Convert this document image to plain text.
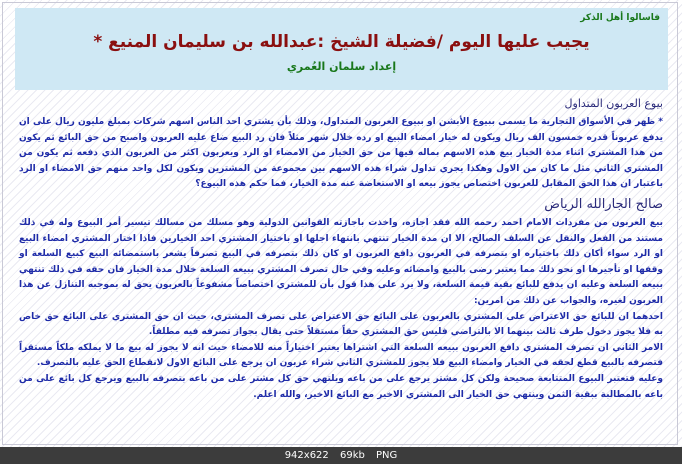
فاسالوا أهل الذكر
يجيب عليها اليوم /فضيلة الشيخ :عبدالله بن سليمان المنيع *
إعداد سلمان العُمري
بيوع العربون المتداول
* ظهر في الأسواق التجارية ما يسمى ببيوع الأبشن او ببيوع العربون المتداول، وذلك بأن يشتري احد الناس اسهم شركات بمبلغ مليون ريال على ان يدفع عربوناً قدره خمسون الف ريال ويكون له خيار امضاء البيع او رده خلال شهر مثلاً فان رد البيع ضاع عليه العربون واصبح من حق البائع ثم يكون من هذا المشتري اثناء مدة الخيار بيع هذه الاسهم بماله فيها من حق الخيار من الامضاء او الرد ويعربون اكثر من العربون الذي دفعه ثم يكون من المشتري الثاني مثل ما كان من الاول وهكذا يجري تداول شراء هذه الاسهم بين مجموعة من المشترين ويكون لكل واحد منهم حق الامضاء او الرد باعتبار ان هذا الحق المقابل للعربون اختصاص يجوز بيعه او الاستعاضة عنه مدة الخيار، فما حكم هذه البيوع؟
صالح الجارالله الرياض
بيع العربون من مفردات الامام احمد رحمه الله فقد اجازه، واخذت باجازته القوانين الدولية وهو مسلك من مسالك تيسير أمر البيوع وله في ذلك مستند من الفعل والنقل عن السلف الصالح، الا ان مدة الخيار تنتهي بانتهاء اجلها او باختيار المشتري احد الخيارين فاذا اختار المشتري امضاء البيع او الرد سواء أكان ذلك باختياره او بتصرفه في العربون دافع العربون او كان ذلك بتصرفه في البيع تصرفاً يشعر باستمضائه البيع كبيع السلعة او وقفها او تأجيرها او نحو ذلك مما يعتبر رضى بالبيع وامضائه وعليه وفي حال تصرف المشتري ببيعه السلعة خلال مدة الخيار فان حقه في ذلك تنتهي ببيعه السلعة وعليه ان يدفع للبائع بقية قيمة السلعة، ولا يرد على هذا قول بأن للمشتري اختصاصاً مشفوعاً بالعربون يحق له بموجبه التنازل عن هذا العربون لغيره، والجواب عن ذلك من امرين:
احدهما ان للبائع حق الاعتراض على المشتري بالعربون على البائع حق الاعتراض على تصرف المشتري، حيث ان حق المشتري على البائع حق خاص به فلا يجوز دخول طرف ثالث بينهما الا بالتراضي فليس حق المشتري حقاً مستقلاً حتى يقال بجواز تصرفه فيه مطلقاً.
الامر الثاني ان تصرف المشتري دافع العربون ببيعه السلعة التي اشتراها يعتبر اختياراً منه للامضاء حيث انه لا يجوز له بيع ما لا يملكه ملكاً مستقراً فتصرفه بالبيع قطع لحقه في الخيار وامضاء البيع فلا يجوز للمشتري الثاني شراء عربون ان يرجع على البائع الاول لانقطاع الحق عليه بالتصرف.
وعليه فتعتبر البيوع المتتابعة صحيحة ولكن كل مشتر يرجع على من باعه ويلتهي حق كل مشتر على من باعه بتصرفه بالبيع ويرجع كل بائع على من باعه بالمطالبة ببقية الثمن وينتهي حق الخيار الى المشتري الاخير مع البائع الاخير، والله اعلم.
942x622 69kb PNG
